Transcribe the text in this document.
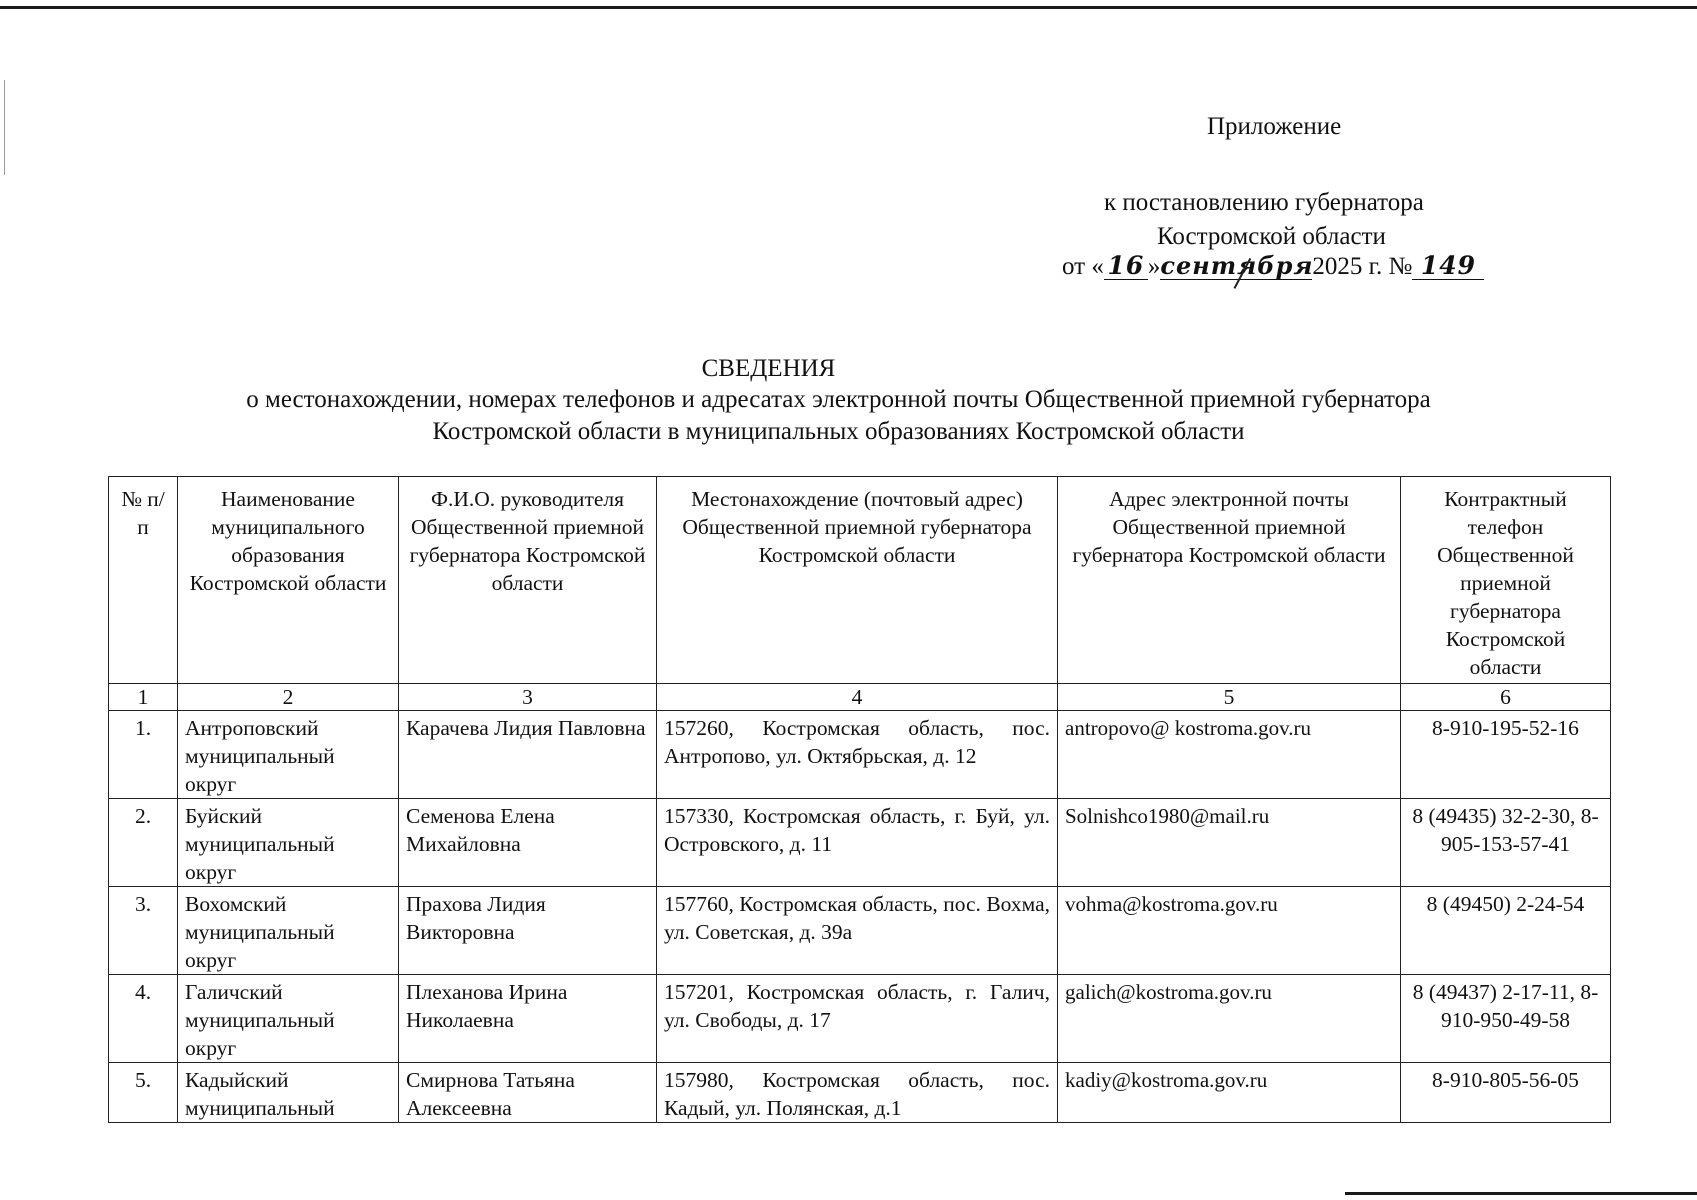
Приложение
к постановлению губернатора
Костромской области
от « 16 »сентября2025 г. № 149
СВЕДЕНИЯ
о местонахождении, номерах телефонов и адресатах электронной почты Общественной приемной губернатора
Костромской области в муниципальных образованиях Костромской области
№ п/п	Наименование муниципального образования Костромской области	Ф.И.О. руководителя Общественной приемной губернатора Костромской области	Местонахождение (почтовый адрес) Общественной приемной губернатора Костромской области	Адрес электронной почты Общественной приемной губернатора Костромской области	Контрактный телефон Общественной приемной губернатора Костромской области
1	2	3	4	5	6
1.	Антроповский муниципальный округ	Карачева Лидия Павловна	157260, Костромская область, пос. Антропово, ул. Октябрьская, д. 12	antropovo@ kostroma.gov.ru	8-910-195-52-16
2.	Буйский муниципальный округ	Семенова Елена Михайловна	157330, Костромская область, г. Буй, ул. Островского, д. 11	Solnishco1980@mail.ru	8 (49435) 32-2-30, 8-905-153-57-41
3.	Вохомский муниципальный округ	Прахова Лидия Викторовна	157760, Костромская область, пос. Вохма, ул. Советская, д. 39а	vohma@kostroma.gov.ru	8 (49450) 2-24-54
4.	Галичский муниципальный округ	Плеханова Ирина Николаевна	157201, Костромская область, г. Галич, ул. Свободы, д. 17	galich@kostroma.gov.ru	8 (49437) 2-17-11, 8-910-950-49-58
5.	Кадыйский муниципальный	Смирнова Татьяна Алексеевна	157980, Костромская область, пос. Кадый, ул. Полянская, д.1	kadiy@kostroma.gov.ru	8-910-805-56-05
